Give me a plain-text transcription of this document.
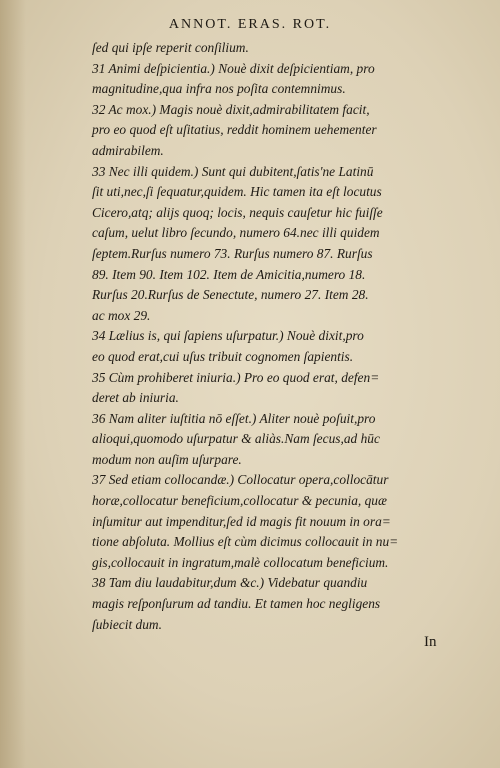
ANNOT. ERAS. ROT.
ſed qui ipſe reperit conſilium.
31 Animi deſpicientia.) Nouè dixit deſpicientiam, pro
magnitudine,qua infra nos poſita contemnimus.
32 Ac mox.) Magis nouè dixit,admirabilitatem facit,
pro eo quod eſt uſitatius, reddit hominem uehementer
admirabilem.
33 Nec illi quidem.) Sunt qui dubitent,ſatis'ne Latinū
ſit uti,nec,ſi ſequatur,quidem. Hic tamen ita eſt locutus
Cicero,atq; alijs quoq; locis, nequis cauſetur hic fuiſſe
caſum, uelut libro ſecundo, numero 64.nec illi quidem
ſeptem.Rurſus numero 73. Rurſus numero 87. Rurſus
89. Item 90. Item 102. Item de Amicitia,numero 18.
Rurſus 20.Rurſus de Senectute, numero 27. Item 28.
ac mox 29.
34 Lælius is, qui ſapiens uſurpatur.) Nouè dixit,pro
eo quod erat,cui uſus tribuit cognomen ſapientis.
35 Cùm prohiberet iniuria.) Pro eo quod erat, defen=
deret ab iniuria.
36 Nam aliter iuſtitia nō eſſet.) Aliter nouè poſuit,pro
alioqui,quomodo uſurpatur & aliàs.Nam ſecus,ad hūc
modum non auſim uſurpare.
37 Sed etiam collocandæ.) Collocatur opera,collocātur
horæ,collocatur beneficium,collocatur & pecunia, quæ
inſumitur aut impenditur,ſed id magis fit nouum in ora=
tione abſoluta. Mollius eſt cùm dicimus collocauit in nu=
gis,collocauit in ingratum,malè collocatum beneficium.
38 Tam diu laudabitur,dum &c.) Videbatur quandiu
magis reſponſurum ad tandiu. Et tamen hoc negligens
ſubiecit dum.
In
